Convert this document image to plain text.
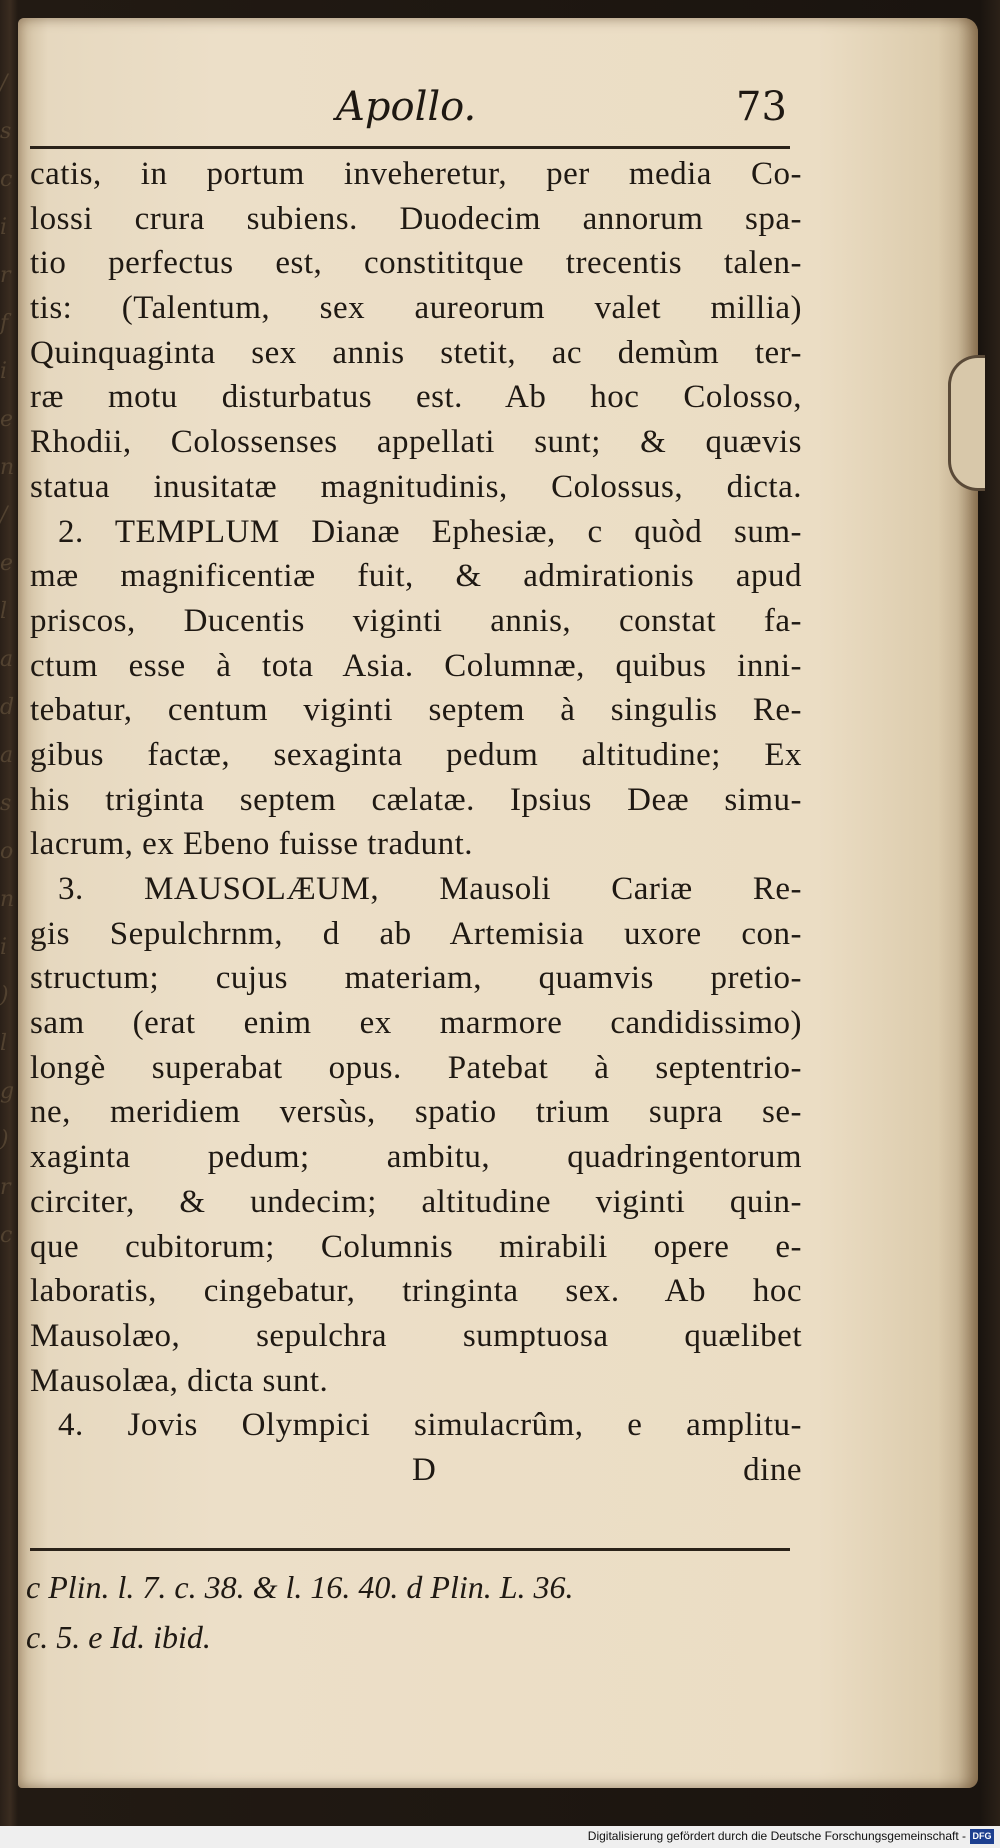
/
s
c
i
r
f
i
e
n
/
e
l
a
d
a
s
o
n
i
)
l
g
)
r
c
Apollo.	73
catis, in portum inveheretur, per media Co-
lossi crura subiens. Duodecim annorum spa-
tio perfectus est, constititque trecentis talen-
tis: (Talentum, sex aureorum valet millia)
Quinquaginta sex annis stetit, ac demùm ter-
ræ motu disturbatus est. Ab hoc Colosso,
Rhodii, Colossenses appellati sunt; & quævis
statua inusitatæ magnitudinis, Colossus, dicta.
2. TEMPLUM Dianæ Ephesiæ, c quòd sum-
mæ magnificentiæ fuit, & admirationis apud
priscos, Ducentis viginti annis, constat fa-
ctum esse à tota Asia. Columnæ, quibus inni-
tebatur, centum viginti septem à singulis Re-
gibus factæ, sexaginta pedum altitudine; Ex
his triginta septem cælatæ. Ipsius Deæ simu-
lacrum, ex Ebeno fuisse tradunt.
3. MAUSOLÆUM, Mausoli Cariæ Re-
gis Sepulchrnm, d ab Artemisia uxore con-
structum; cujus materiam, quamvis pretio-
sam (erat enim ex marmore candidissimo)
longè superabat opus. Patebat à septentrio-
ne, meridiem versùs, spatio trium supra se-
xaginta pedum; ambitu, quadringentorum
circiter, & undecim; altitudine viginti quin-
que cubitorum; Columnis mirabili opere e-
laboratis, cingebatur, tringinta sex. Ab hoc
Mausolæo, sepulchra sumptuosa quælibet
Mausolæa, dicta sunt.
4. Jovis Olympici simulacrûm, e amplitu-
D	dine
c Plin. l. 7. c. 38. & l. 16. 40. d Plin. L. 36.
c. 5. e Id. ibid.
Digitalisierung gefördert durch die Deutsche Forschungsgemeinschaft - DFG
